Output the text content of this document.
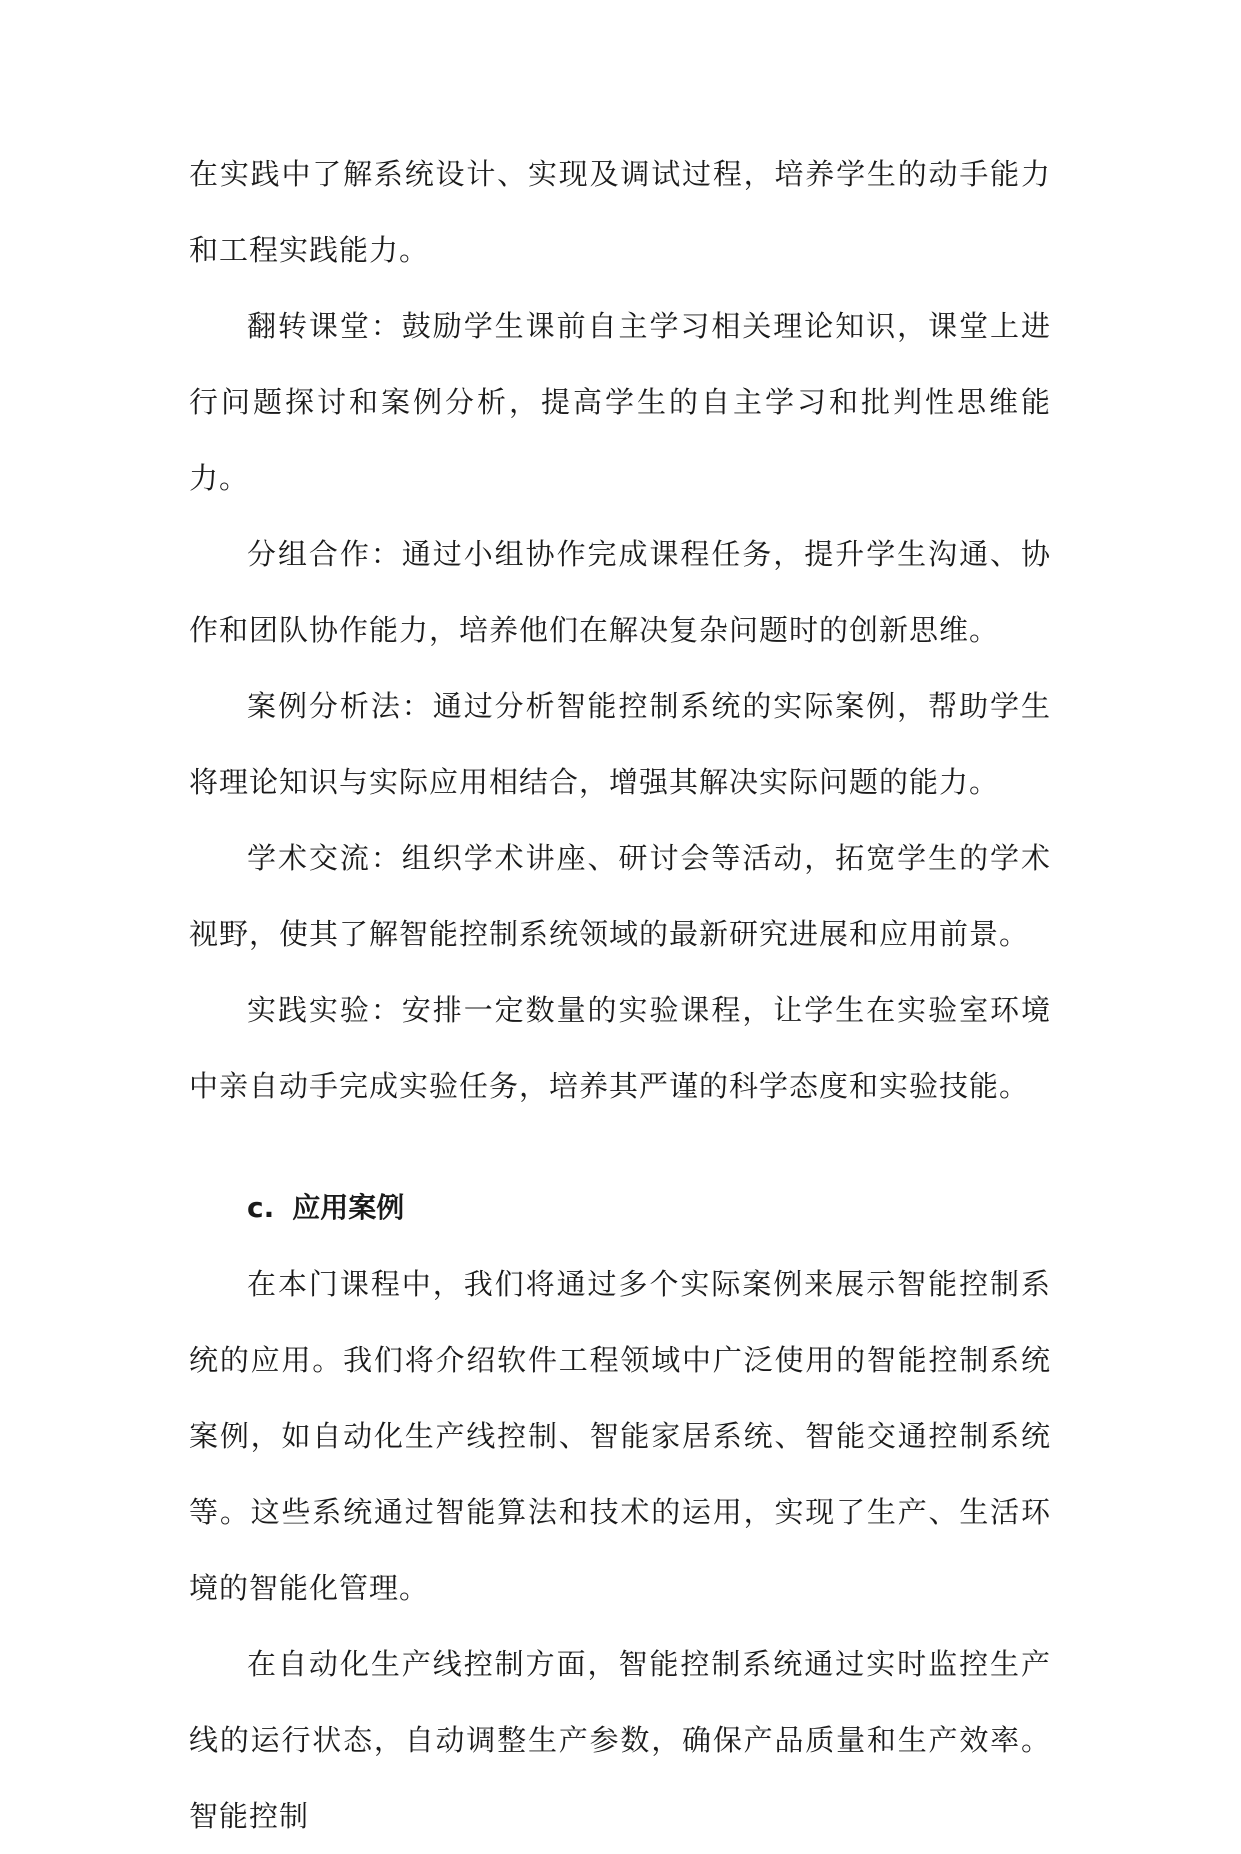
在实践中了解系统设计、实现及调试过程，培养学生的动手能力和工程实践能力。

翻转课堂：鼓励学生课前自主学习相关理论知识，课堂上进行问题探讨和案例分析，提高学生的自主学习和批判性思维能力。

分组合作：通过小组协作完成课程任务，提升学生沟通、协作和团队协作能力，培养他们在解决复杂问题时的创新思维。

案例分析法：通过分析智能控制系统的实际案例，帮助学生将理论知识与实际应用相结合，增强其解决实际问题的能力。

学术交流：组织学术讲座、研讨会等活动，拓宽学生的学术视野，使其了解智能控制系统领域的最新研究进展和应用前景。

实践实验：安排一定数量的实验课程，让学生在实验室环境中亲自动手完成实验任务，培养其严谨的科学态度和实验技能。

c. 应用案例

在本门课程中，我们将通过多个实际案例来展示智能控制系统的应用。我们将介绍软件工程领域中广泛使用的智能控制系统案例，如自动化生产线控制、智能家居系统、智能交通控制系统等。这些系统通过智能算法和技术的运用，实现了生产、生活环境的智能化管理。

在自动化生产线控制方面，智能控制系统通过实时监控生产线的运行状态，自动调整生产参数，确保产品质量和生产效率。智能控制
